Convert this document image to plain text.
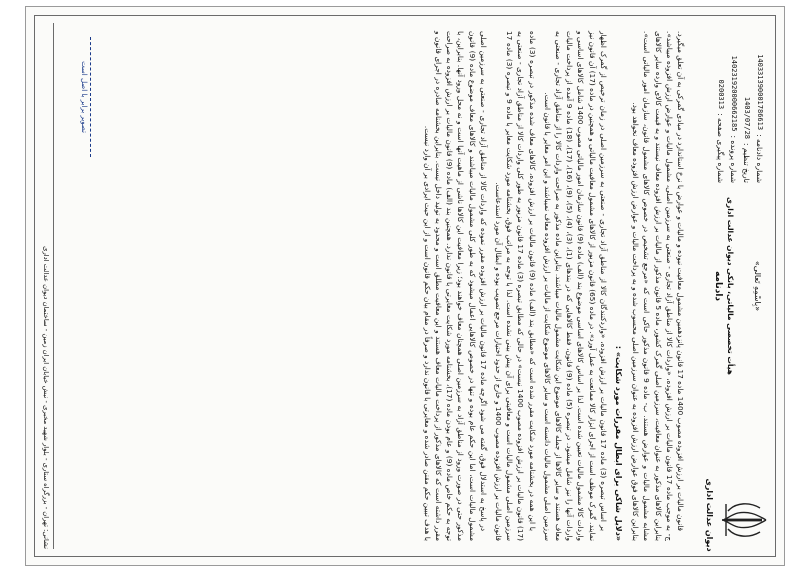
دیوان عدالت اداری
«بِاسْمِهِ تَعالی»
هیأت تخصصی مالیاتی، بانکی دیوان عدالت اداری
دادنامه
شماره دادنامه :
140331390001786613
تاریخ تنظیم :
1403/07/28
شماره پرونده :
140231920000662185
شماره پیگیری صفحه :
0200313

قانون مالیات بر ارزش افزوده مصوب 1400 ماده 17 قانون پانزدهمین مشمول معافیت نبوده و مالیات و عوارض با نرخ استاندارد در مبادی گمرکی به آن تعلق میگیرد. ج- به موجب ماده 17 قانون مالیات بر ارزش افزوده، «واردات کالا از مناطق آزاد تجاری - صنعتی به سرزمین اصلی، مشمول مالیات و عوارض ارزش افزوده میباشد». بنابراین کالاهای مذکور به عنوان معافیت، سرزمین اصلی گمرک کشور، ماده 5 قانون مذکور از مالیات بر ارزش افزوده معاف نیستند و به قیمت کالای وارده سایر کالاهای مشابه مشمول مالیات و عوارض هستند. ب- ماده 9 قانون مذکور حاکی است که «مرجع تشخیص در خصوص کالاهای مشمول قانون، سازمان امور مالیاتی است». بنابراین کالاهای فوق عوارض ارزش افزوده به عنوان سرزمین اصلی محسوب شده و به پرداخت مالیات و عوارض ارزش افزوده معاف نخواهد بود.

«دلایل شاکی برای ابطال مقررات مورد شکایت» :

بر اساس تبصره (3) ماده 17 قانون مالیات بر ارزش افزوده، «واردکنندگان کالا از مناطق آزاد تجاری - صنعتی به سرزمین اصلی در زمان ترخیص از گمرک اظهار نمایند. گمرک موظف است از اجرای ابزار کالا ممانعت به عمل آورد». در ماده (65) قانون مزبور از کالاهای مشمول معافیت مالیاتی و همچنین در ماده (17) آن قانون نیز واردات کالا مشمول مالیات تعیین شده است. لذا بر اساس کالاهای اساسی موضوع بند (الف) ماده (9) قانون سازمان امور مالیاتی مصوب 1400 شامل کالاهای اساسی و واردات آنها را نیز شامل میشود. در تبصره (5) ماده (9) قانون، فقط کالاهایی که در بندهای (1)، (3)، (4)، (5)، (9)، (16)، (17)، (18) ماده 9 آمده از پرداخت مالیات معاف هستند و سایر کالاها از جمله کالاهای موضوع این شکایت مشمول مالیات میباشند. بنابراین ماده مذکور به صراحت واردات کالا را از مناطق آزاد تجاری - صنعتی به سرزمین اصلی مشمول مالیات دانسته است و سایر کالاهای موضوع شکایت از مالیات بر ارزش افزوده معاف نمیباشند و این امر مغایر با قانون است.

با این همه در بخشنامه مورد شکایت مقرر شده است که «مطابق بند (الف) ماده (9) قانون مالیات بر ارزش افزوده، کالاهای معاف شده مذکور در تبصره (3) ماده (17) قانون مالیات بر ارزش افزوده مصوب 1400 نیست» در حالی که مطابق تبصره (3) ماده 17 قانون مزبور به طور کلی واردات کالا از مناطق آزاد تجاری - صنعتی به سرزمین اصلی مشمول مالیات است و معافیتی برای آن پیش بینی نشده است. لذا با توجه به مراتب فوق، بخشنامه مورد شکایت مغایر با ماده 9 و تبصره (3) ماده 17 قانون مالیات بر ارزش افزوده مصوب 1400 و خارج از حدود اختیارات مرجع تصویب بوده و ابطال آن مورد استدعاست.

در پاسخ به استدلال فوق، گفته می شود اگرچه ماده 17 قانون مالیات بر ارزش افزوده مقرر نموده که واردات کالا از مناطق آزاد تجاری - صنعتی به سرزمین اصلی مشمول مالیات است، اما این حکم عام بوده و تنها در خصوص کالاهایی اعمال میشود که به طور کلی مشمول مالیات میباشند و کالاهای معاف موضوع ماده (9) قانون مذکور حتی در صورت ورود از مناطق آزاد به سرزمین اصلی همچنان معاف خواهند بود؛ زیرا معافیت این کالاها ناشی از ماهیت آنها است و نه محل ورود آنها. بنابراین، با توجه به حکم خاص ماده (9) و عام بودن ماده (17)، بخشنامه مورد شکایت مغایرتی با قانون ندارد. همچنین بند (الف) ماده (9) قانون مالیات بر ارزش افزوده به صراحت مقرر داشته است که کالاهای مذکور از پرداخت مالیات معاف هستند و این معافیت مطلق است و محدود به تولید داخل نیست. بنابراین بخشنامه صادره در اجرای قانون و با هدف تبیین حکم مقنن صادر شده و مغایرتی با قانون ندارد و صرفاً در مقام بیان حکم قانون است و از این حیث ایرادی بر آن وارد نیست.

تصویر برابر با اصل است
نشانی: تهران - بزرگراه ستاری - بلوار شهید مخبری - نبش خیابان ایران زمین - ساختمان دیوان عدالت اداری
